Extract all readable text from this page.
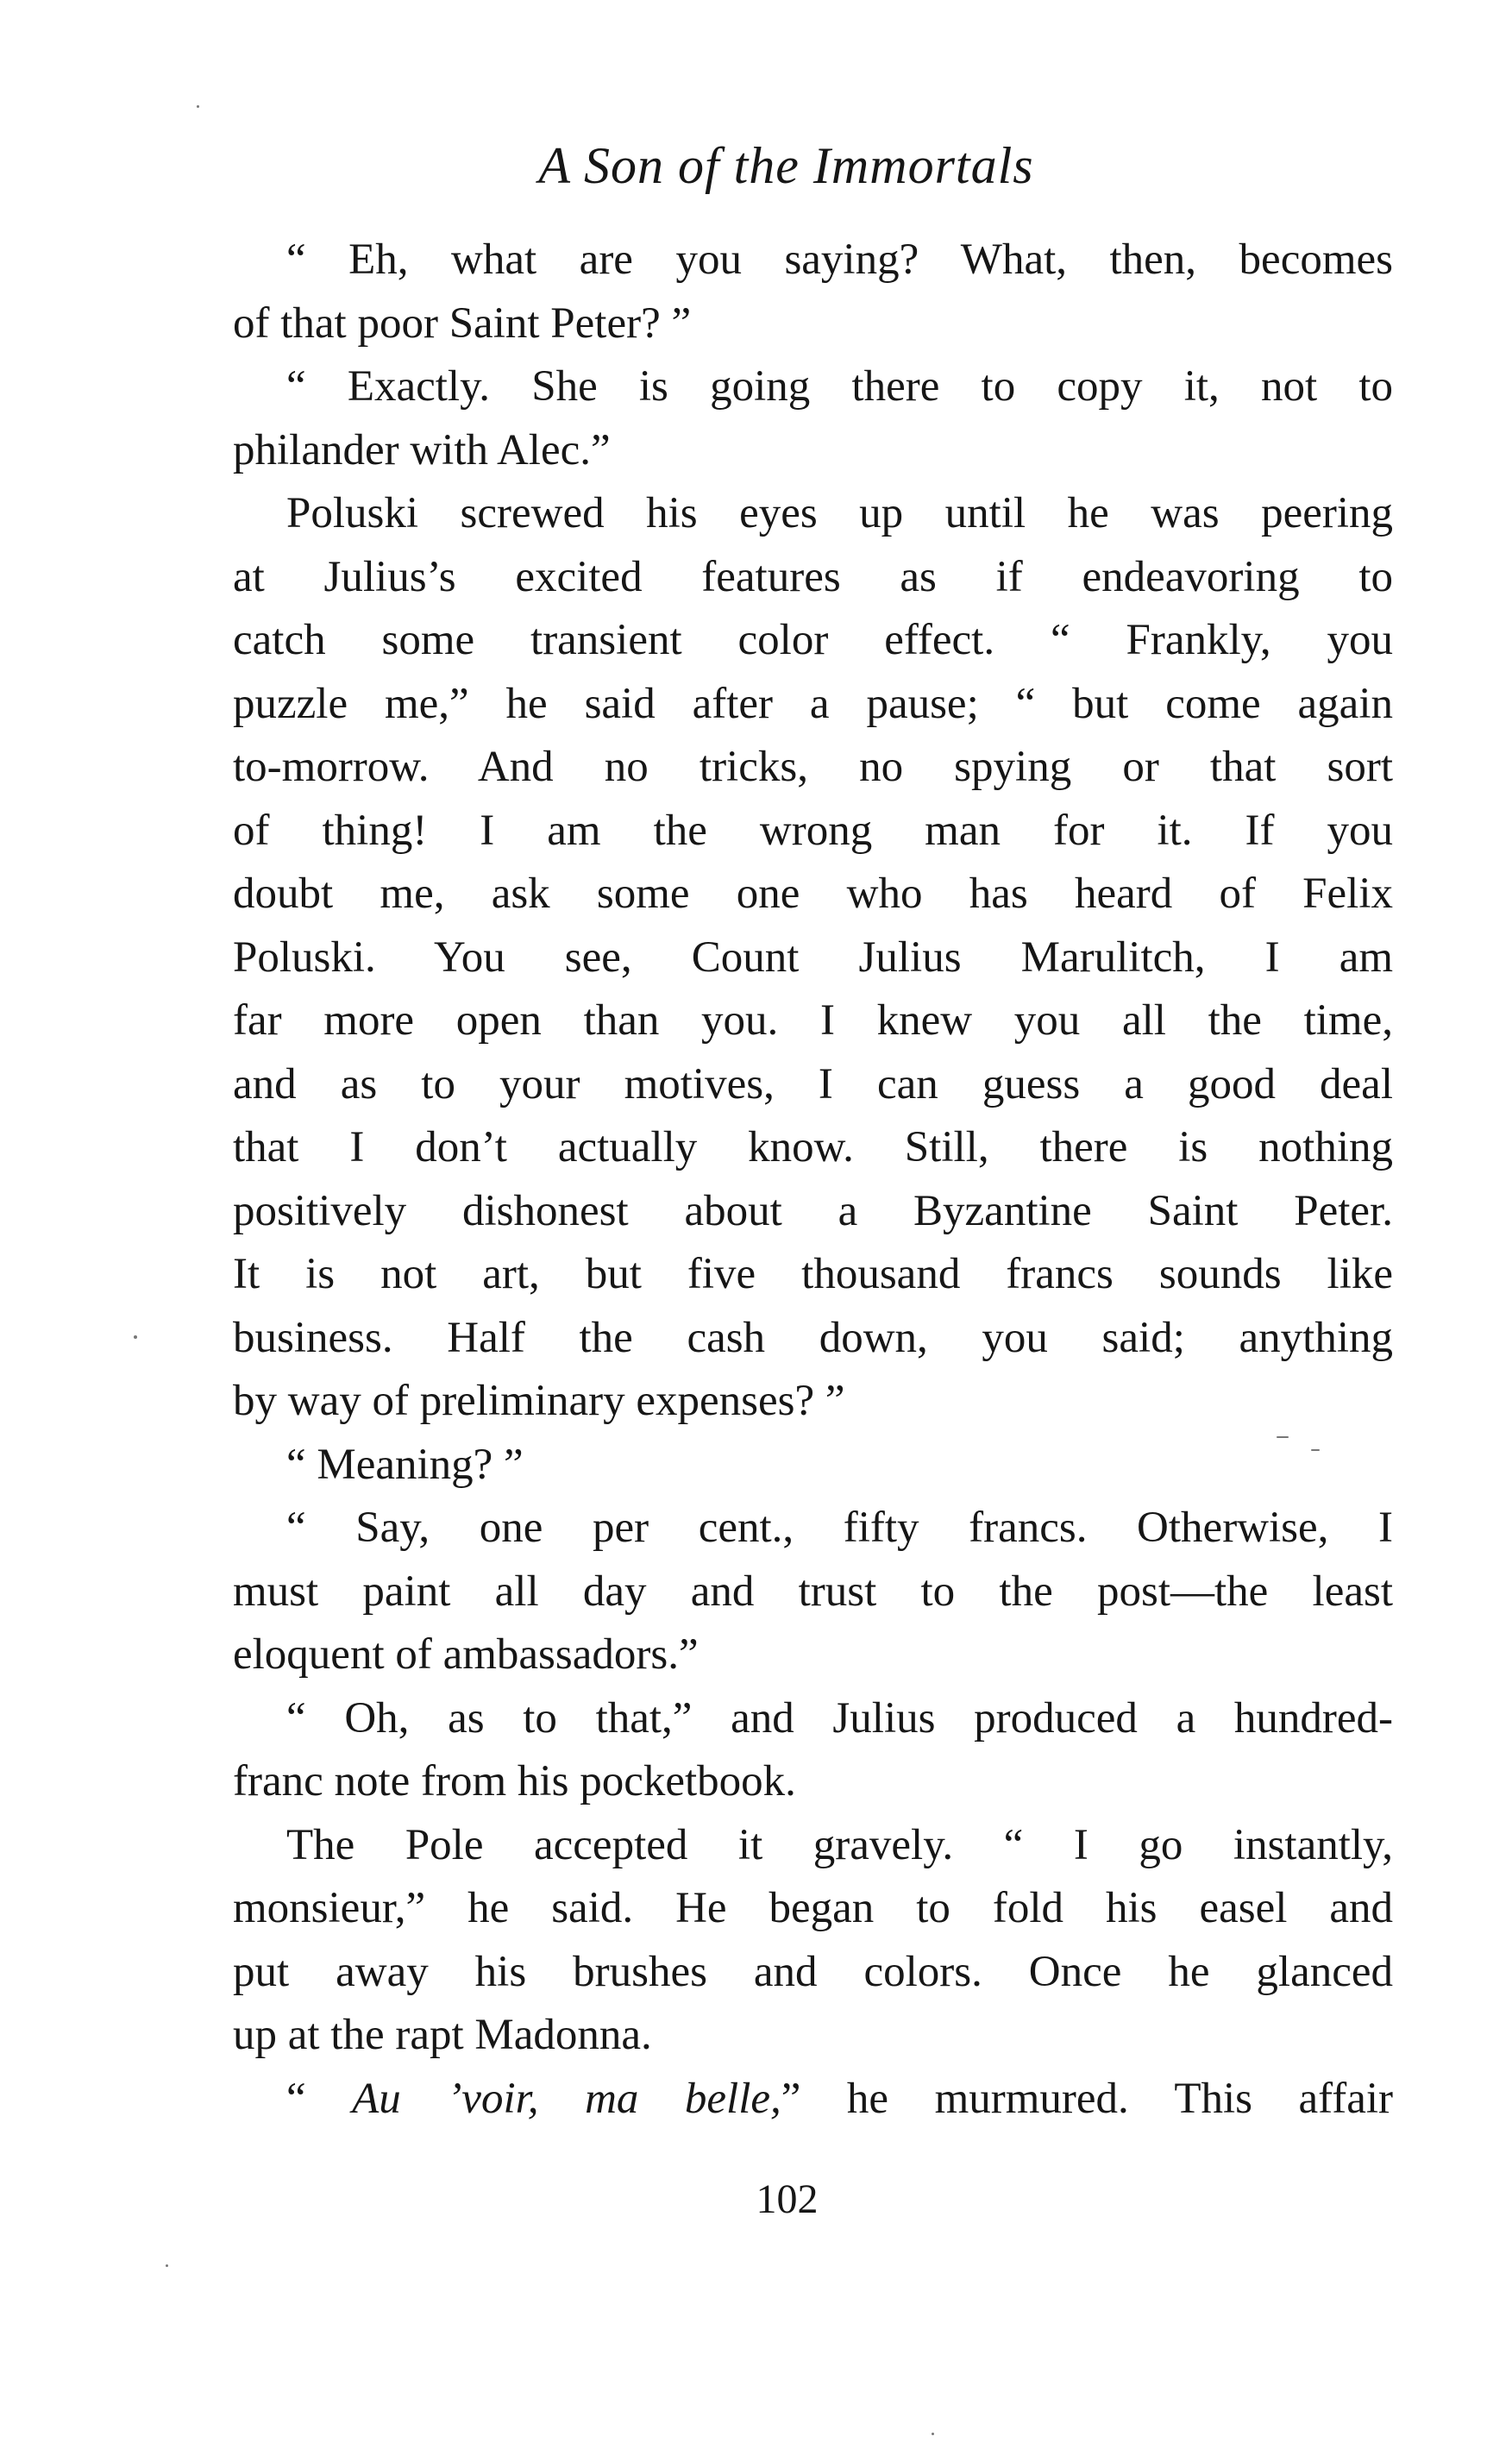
A Son of the Immortals
“ Eh, what are you saying? What, then, becomes
of that poor Saint Peter? ”
“ Exactly. She is going there to copy it, not to
philander with Alec.”
Poluski screwed his eyes up until he was peering
at Julius’s excited features as if endeavoring to
catch some transient color effect. “ Frankly, you
puzzle me,” he said after a pause; “ but come again
to-morrow. And no tricks, no spying or that sort
of thing! I am the wrong man for it. If you
doubt me, ask some one who has heard of Felix
Poluski. You see, Count Julius Marulitch, I am
far more open than you. I knew you all the time,
and as to your motives, I can guess a good deal
that I don’t actually know. Still, there is nothing
positively dishonest about a Byzantine Saint Peter.
It is not art, but five thousand francs sounds like
business. Half the cash down, you said; anything
by way of preliminary expenses? ”
“ Meaning? ”
“ Say, one per cent., fifty francs. Otherwise, I
must paint all day and trust to the post—the least
eloquent of ambassadors.”
“ Oh, as to that,” and Julius produced a hundred-
franc note from his pocketbook.
The Pole accepted it gravely. “ I go instantly,
monsieur,” he said. He began to fold his easel and
put away his brushes and colors. Once he glanced
up at the rapt Madonna.
“ Au ’voir, ma belle,” he murmured. This affair
102
